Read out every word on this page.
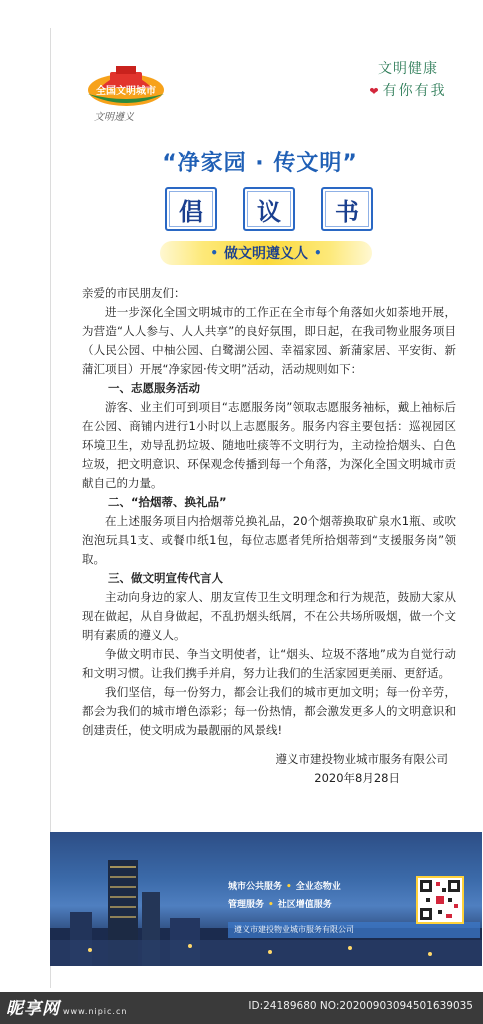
全国文明城市
文明遵义
文明健康
❤ 有你有我
“净家园 · 传文明”
倡	议	书
• 做文明遵义人 •

亲爱的市民朋友们：

进一步深化全国文明城市的工作正在全市每个角落如火如荼地开展，为营造“人人参与、人人共享”的良好氛围，即日起，在我司物业服务项目（人民公园、中柚公园、白鹭湖公园、幸福家园、新蒲家居、平安街、新蒲汇项目）开展“净家园·传文明”活动，活动规则如下：

一、志愿服务活动

游客、业主们可到项目“志愿服务岗”领取志愿服务袖标，戴上袖标后在公园、商铺内进行1小时以上志愿服务。服务内容主要包括：巡视园区环境卫生，劝导乱扔垃圾、随地吐痰等不文明行为，主动捡拾烟头、白色垃圾，把文明意识、环保观念传播到每一个角落，为深化全国文明城市贡献自己的力量。

二、“拾烟蒂、换礼品”

在上述服务项目内拾烟蒂兑换礼品，20个烟蒂换取矿泉水1瓶、或吹泡泡玩具1支、或餐巾纸1包，每位志愿者凭所拾烟蒂到“支援服务岗”领取。

三、做文明宣传代言人

主动向身边的家人、朋友宣传卫生文明理念和行为规范，鼓励大家从现在做起，从自身做起，不乱扔烟头纸屑，不在公共场所吸烟，做一个文明有素质的遵义人。

争做文明市民、争当文明使者，让“烟头、垃圾不落地”成为自觉行动和文明习惯。让我们携手并肩，努力让我们的生活家园更美丽、更舒适。

我们坚信，每一份努力，都会让我们的城市更加文明；每一份辛劳，都会为我们的城市增色添彩；每一份热情，都会激发更多人的文明意识和创建责任，使文明成为最靓丽的风景线!

遵义市建投物业城市服务有限公司

2020年8月28日

城市公共服务 • 全业态物业
管理服务 • 社区增值服务
遵义市建投物业城市服务有限公司
昵享网 www.nipic.cn	ID:24189680 NO:20200903094501639035
